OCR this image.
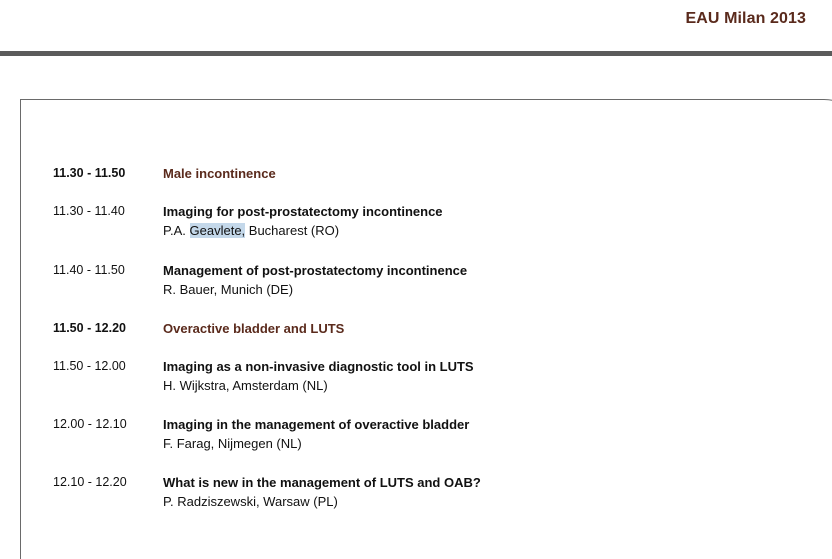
EAU Milan 2013
11.30 - 11.50	Male incontinence
11.30 - 11.40	Imaging for post-prostatectomy incontinence
P.A. Geavlete, Bucharest (RO)
11.40 - 11.50	Management of post-prostatectomy incontinence
R. Bauer, Munich (DE)
11.50 - 12.20	Overactive bladder and LUTS
11.50 - 12.00	Imaging as a non-invasive diagnostic tool in LUTS
H. Wijkstra, Amsterdam (NL)
12.00 - 12.10	Imaging in the management of overactive bladder
F. Farag, Nijmegen (NL)
12.10 - 12.20	What is new in the management of LUTS and OAB?
P. Radziszewski, Warsaw (PL)
